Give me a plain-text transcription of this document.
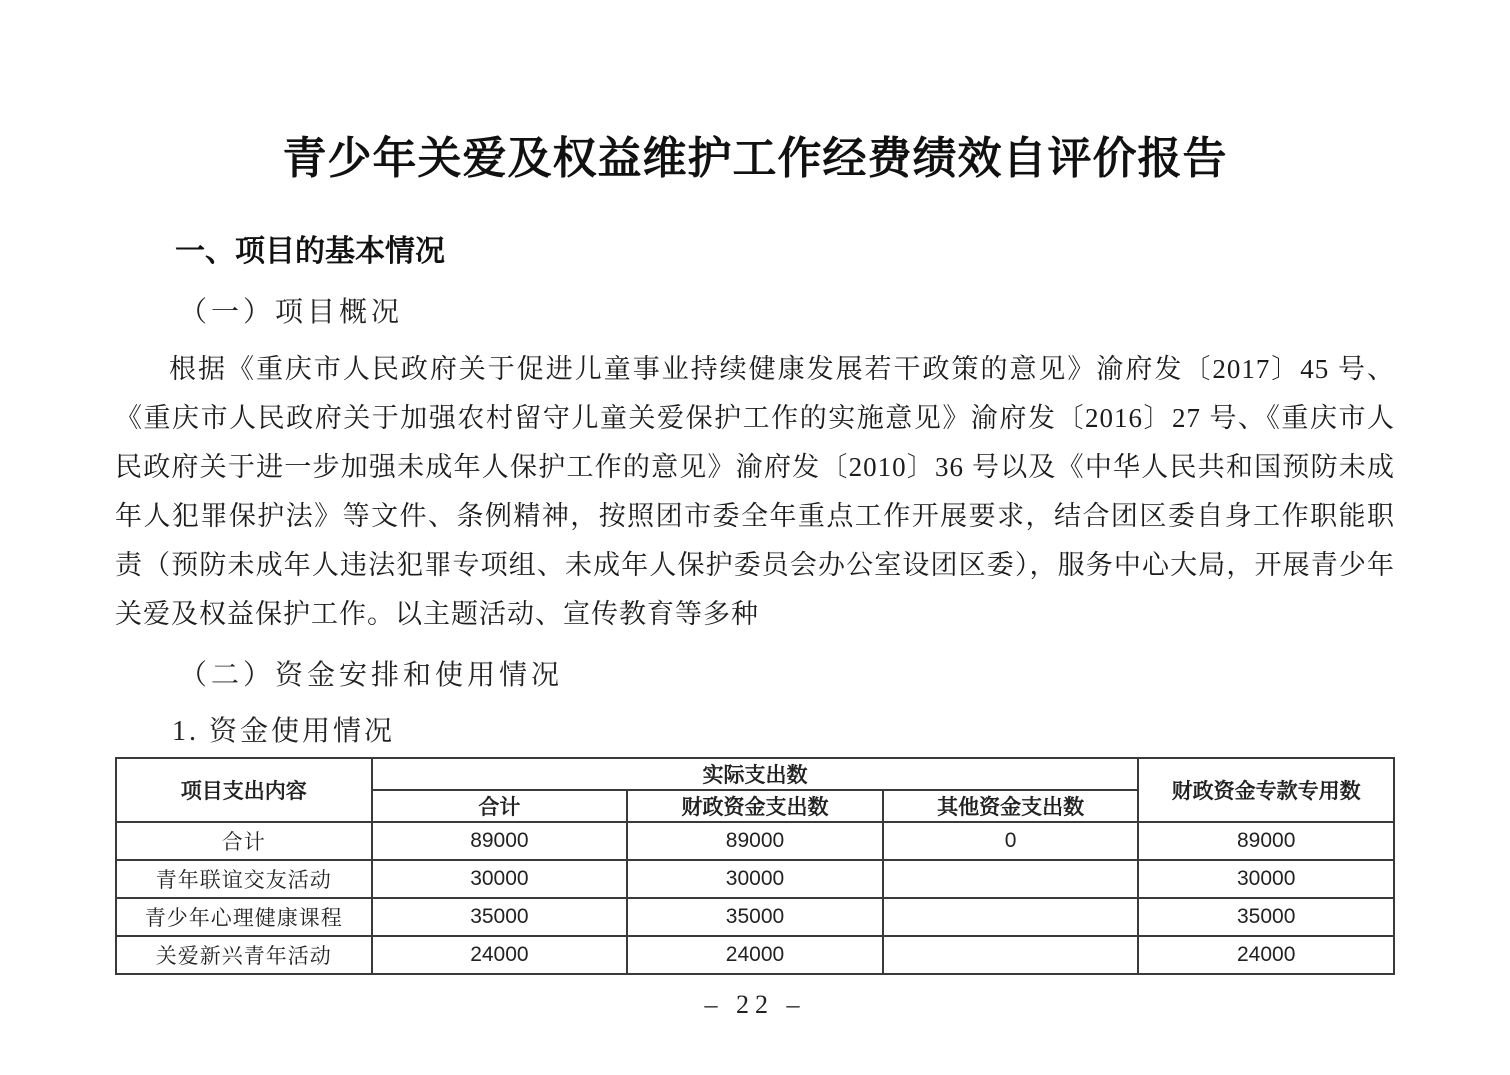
青少年关爱及权益维护工作经费绩效自评价报告
一、项目的基本情况
（一）项目概况

根据《重庆市人民政府关于促进儿童事业持续健康发展若干政策的意见》渝府发〔2017〕45 号、《重庆市人民政府关于加强农村留守儿童关爱保护工作的实施意见》渝府发〔2016〕27 号、《重庆市人民政府关于进一步加强未成年人保护工作的意见》渝府发〔2010〕36 号以及《中华人民共和国预防未成年人犯罪保护法》等文件、条例精神，按照团市委全年重点工作开展要求，结合团区委自身工作职能职责（预防未成年人违法犯罪专项组、未成年人保护委员会办公室设团区委），服务中心大局，开展青少年关爱及权益保护工作。以主题活动、宣传教育等多种

（二）资金安排和使用情况
1. 资金使用情况
项目支出内容	实际支出数			财政资金专款专用数
	合计	财政资金支出数	其他资金支出数	
合计	89000	89000	0	89000
青年联谊交友活动	30000	30000		30000
青少年心理健康课程	35000	35000		35000
关爱新兴青年活动	24000	24000		24000
– 22 –
